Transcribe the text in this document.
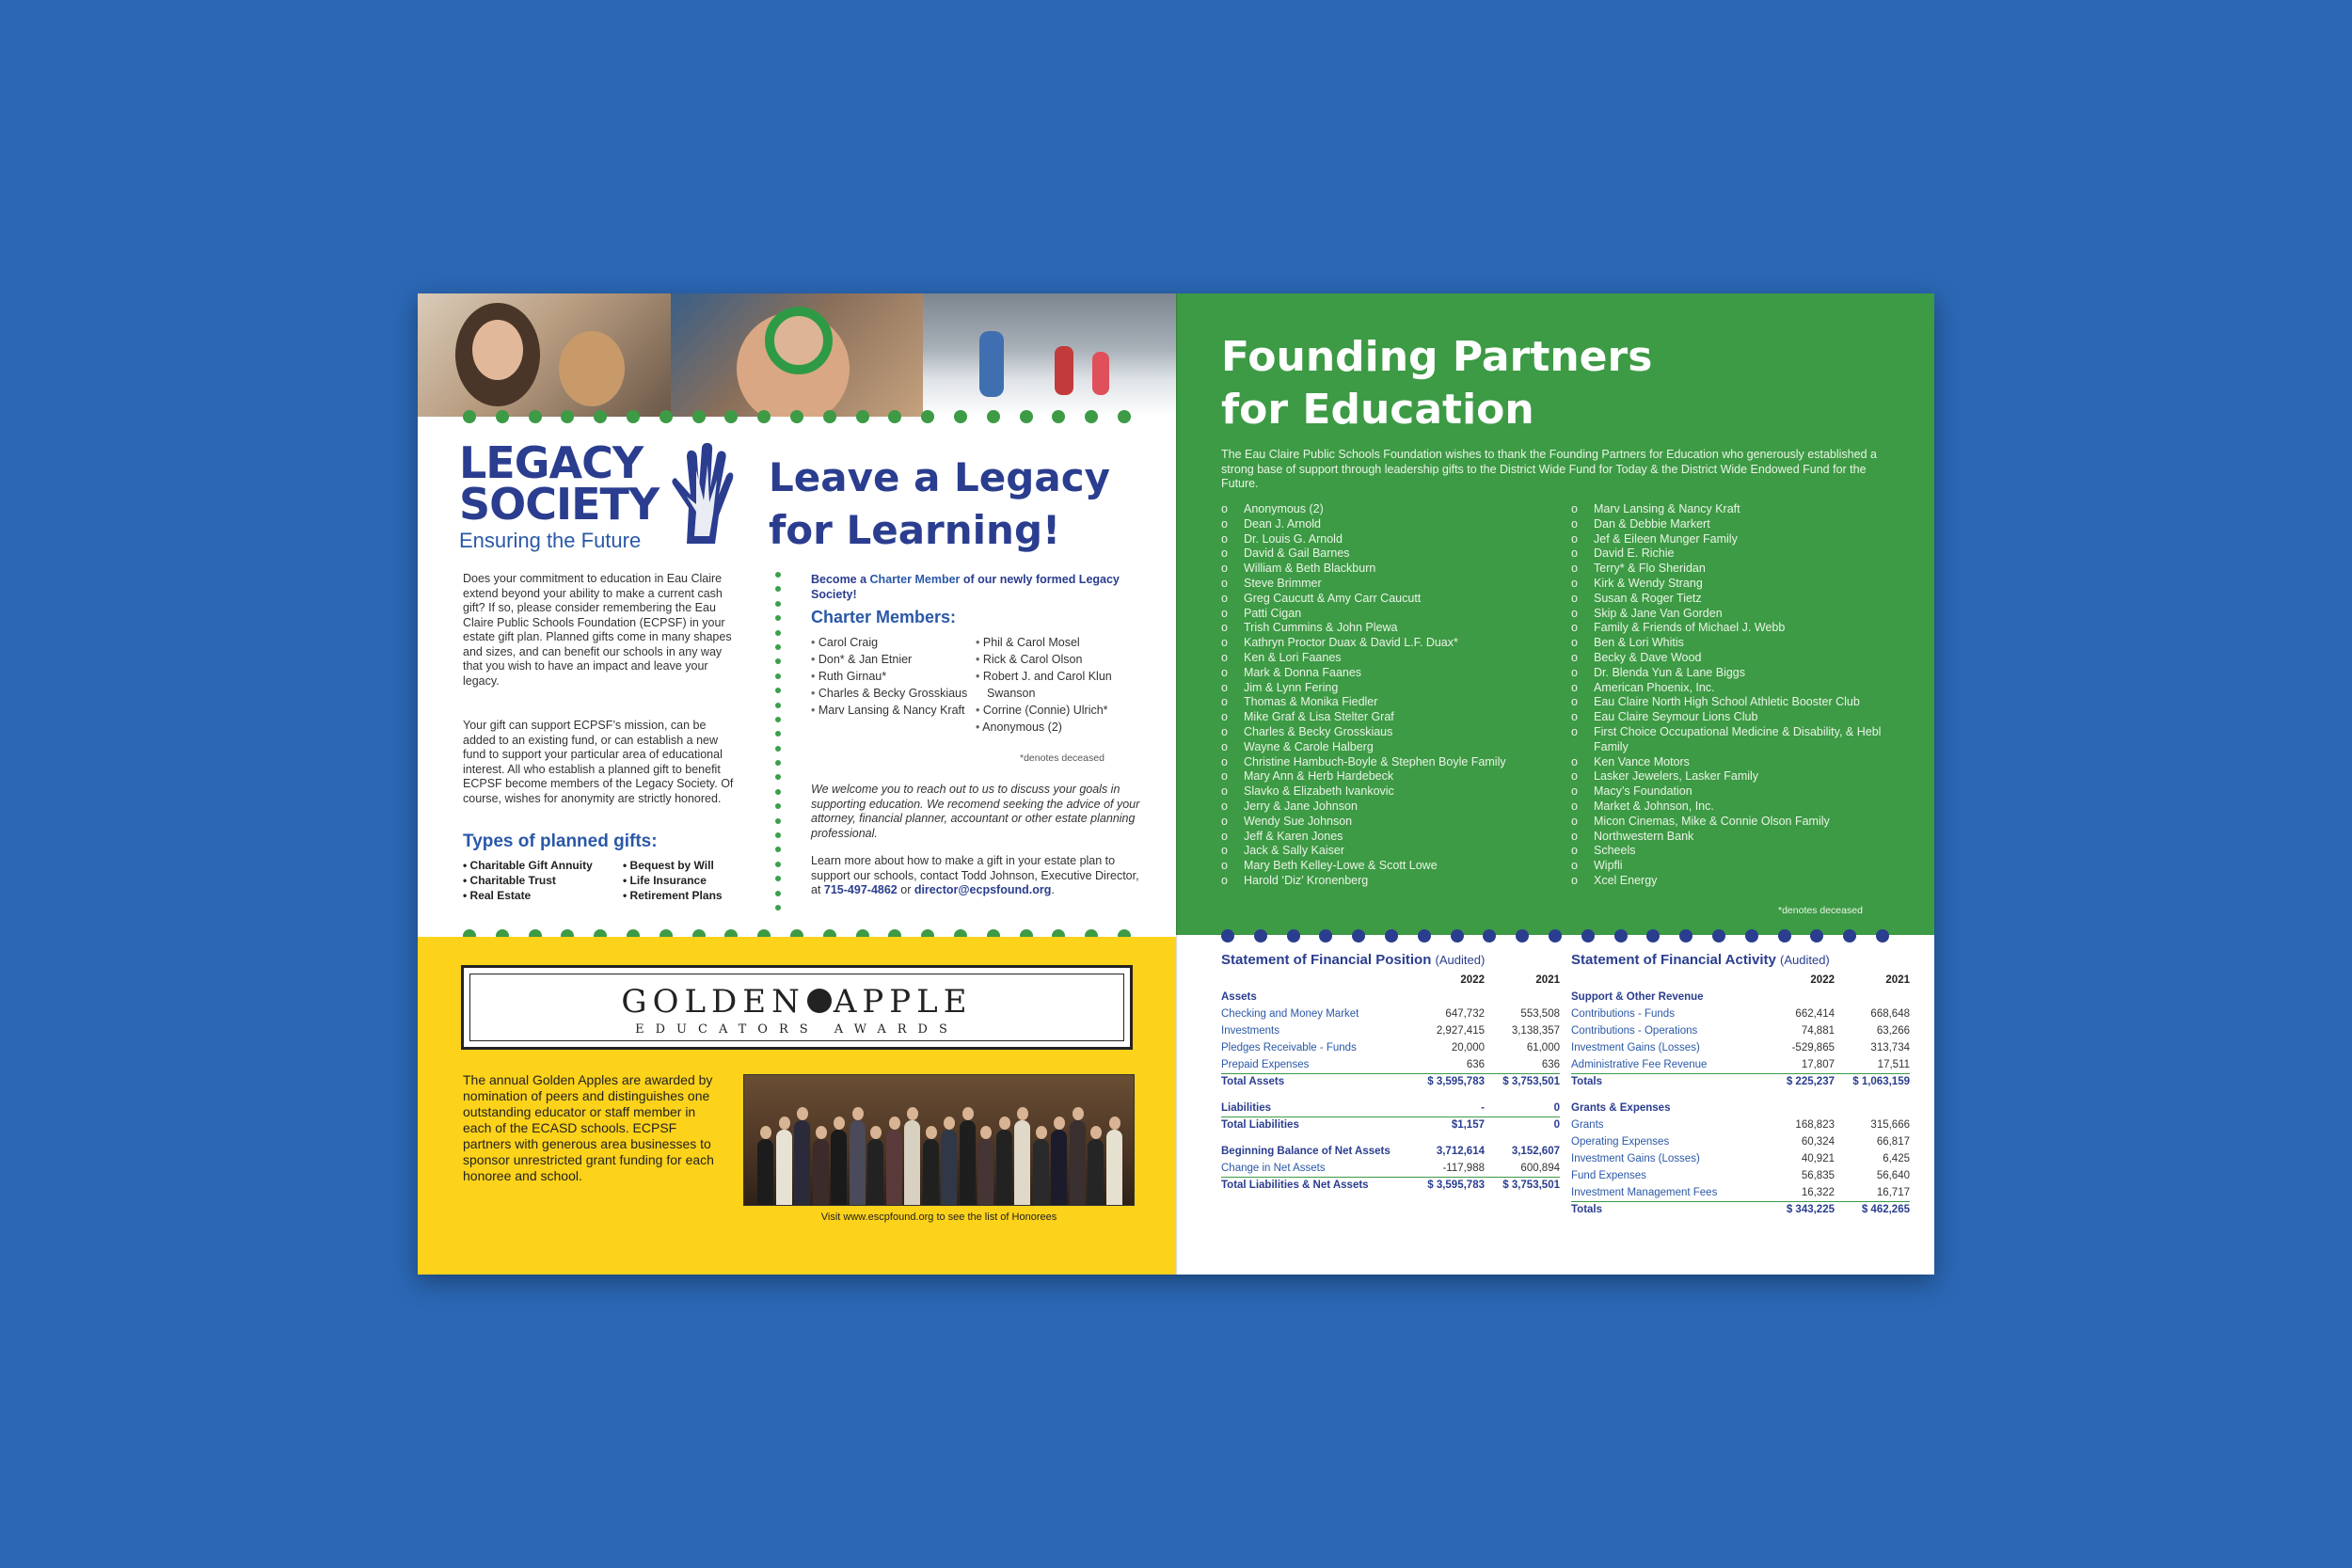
LEGACY
SOCIETY
Ensuring the Future
Leave a Legacy
for Learning!

Does your commitment to education in Eau Claire extend beyond your ability to make a current cash gift? If so, please consider remembering the Eau Claire Public Schools Foundation (ECPSF) in your estate gift plan. Planned gifts come in many shapes and sizes, and can benefit our schools in any way that you wish to have an impact and leave your legacy.

Your gift can support ECPSF’s mission, can be added to an existing fund, or can establish a new fund to support your particular area of educational interest. All who establish a planned gift to benefit ECPSF become members of the Legacy Society. Of course, wishes for anonymity are strictly honored.

Types of planned gifts:
• Charitable Gift Annuity	• Bequest by Will
• Charitable Trust	• Life Insurance
• Real Estate	• Retirement Plans
Become a Charter Member of our newly formed Legacy Society!
Charter Members:
• Carol Craig
• Don* & Jan Etnier
• Ruth Girnau*
• Charles & Becky Grosskiaus
• Marv Lansing & Nancy Kraft
• Phil & Carol Mosel
• Rick & Carol Olson
• Robert J. and Carol Klun Swanson
• Corrine (Connie) Ulrich*
• Anonymous (2)
*denotes deceased

We welcome you to reach out to us to discuss your goals in supporting education. We recomend seeking the advice of your attorney, financial planner, accountant or other estate planning professional.

Learn more about how to make a gift in your estate plan to support our schools, contact Todd Johnson, Executive Director, at 715-497-4862 or director@ecpsfound.org.

GOLDEN APPLE
EDUCATORS AWARDS

The annual Golden Apples are awarded by nomination of peers and distinguishes one outstanding educator or staff member in each of the ECASD schools. ECPSF partners with generous area businesses to sponsor unrestricted grant funding for each honoree and school.

Visit www.escpfound.org to see the list of Honorees
Founding Partners
for Education

The Eau Claire Public Schools Foundation wishes to thank the Founding Partners for Education who generously established a strong base of support through leadership gifts to the District Wide Fund for Today & the District Wide Endowed Fund for the Future.

o Anonymous (2)
o Dean J. Arnold
o Dr. Louis G. Arnold
o David & Gail Barnes
o William & Beth Blackburn
o Steve Brimmer
o Greg Caucutt & Amy Carr Caucutt
o Patti Cigan
o Trish Cummins & John Plewa
o Kathryn Proctor Duax & David L.F. Duax*
o Ken & Lori Faanes
o Mark & Donna Faanes
o Jim & Lynn Fering
o Thomas & Monika Fiedler
o Mike Graf & Lisa Stelter Graf
o Charles & Becky Grosskiaus
o Wayne & Carole Halberg
o Christine Hambuch-Boyle & Stephen Boyle Family
o Mary Ann & Herb Hardebeck
o Slavko & Elizabeth Ivankovic
o Jerry & Jane Johnson
o Wendy Sue Johnson
o Jeff & Karen Jones
o Jack & Sally Kaiser
o Mary Beth Kelley-Lowe & Scott Lowe
o Harold ‘Diz’ Kronenberg
o Marv Lansing & Nancy Kraft
o Dan & Debbie Markert
o Jef & Eileen Munger Family
o David E. Richie
o Terry* & Flo Sheridan
o Kirk & Wendy Strang
o Susan & Roger Tietz
o Skip & Jane Van Gorden
o Family & Friends of Michael J. Webb
o Ben & Lori Whitis
o Becky & Dave Wood
o Dr. Blenda Yun & Lane Biggs
o American Phoenix, Inc.
o Eau Claire North High School Athletic Booster Club
o Eau Claire Seymour Lions Club
o First Choice Occupational Medicine & Disability, & Hebl Family
o Ken Vance Motors
o Lasker Jewelers, Lasker Family
o Macy’s Foundation
o Market & Johnson, Inc.
o Micon Cinemas, Mike & Connie Olson Family
o Northwestern Bank
o Scheels
o Wipfli
o Xcel Energy
*denotes deceased
Statement of Financial Position (Audited)
	2022	2021
Assets		
Checking and Money Market	647,732	553,508
Investments	2,927,415	3,138,357
Pledges Receivable - Funds	20,000	61,000
Prepaid Expenses	636	636
Total Assets	$ 3,595,783	$ 3,753,501

Liabilities	-	0
Total Liabilities	$1,157	0

Beginning Balance of Net Assets	3,712,614	3,152,607
Change in Net Assets	-117,988	600,894
Total Liabilities & Net Assets	$ 3,595,783	$ 3,753,501
Statement of Financial Activity (Audited)
	2022	2021
Support & Other Revenue		
Contributions - Funds	662,414	668,648
Contributions - Operations	74,881	63,266
Investment Gains (Losses)	-529,865	313,734
Administrative Fee Revenue	17,807	17,511
Totals	$ 225,237	$ 1,063,159

Grants & Expenses		
Grants	168,823	315,666
Operating Expenses	60,324	66,817
Investment Gains (Losses)	40,921	6,425
Fund Expenses	56,835	56,640
Investment Management Fees	16,322	16,717
Totals	$ 343,225	$ 462,265
